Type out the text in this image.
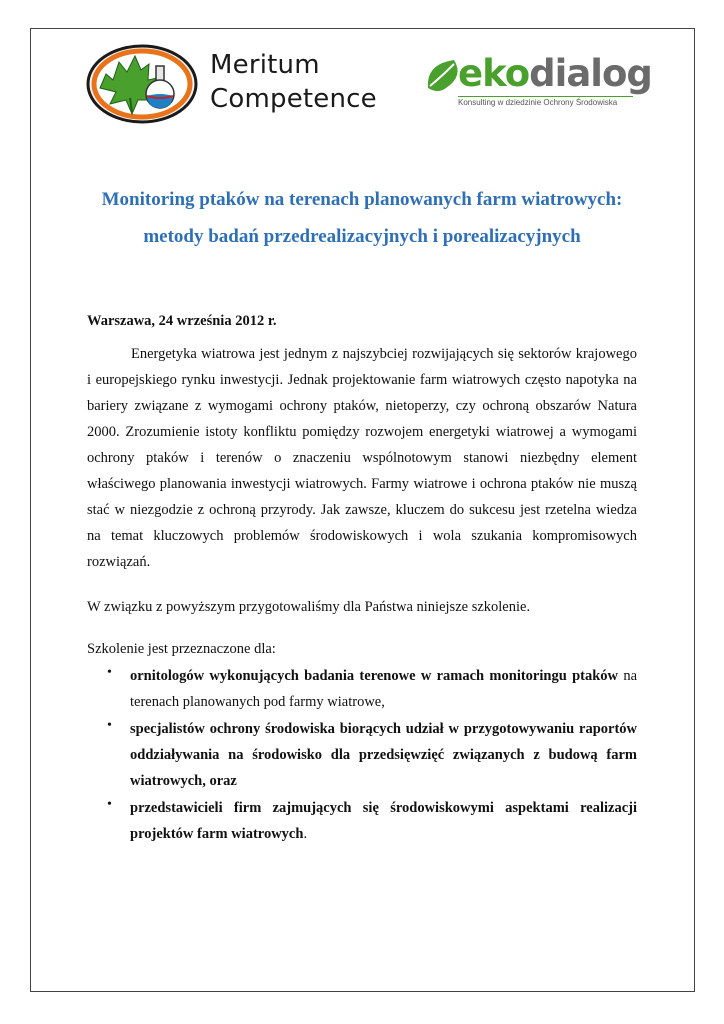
Meritum
Competence
ekodialog
Konsulting w dziedzinie Ochrony Środowiska
Monitoring ptaków na terenach planowanych farm wiatrowych:
metody badań przedrealizacyjnych i porealizacyjnych
Warszawa, 24 września 2012 r.
Energetyka wiatrowa jest jednym z najszybciej rozwijających się sektorów krajowego
i europejskiego rynku inwestycji. Jednak projektowanie farm wiatrowych często napotyka na
bariery związane z wymogami ochrony ptaków, nietoperzy, czy ochroną obszarów Natura
2000. Zrozumienie istoty konfliktu pomiędzy rozwojem energetyki wiatrowej a wymogami
ochrony ptaków i terenów o znaczeniu wspólnotowym stanowi niezbędny element
właściwego planowania inwestycji wiatrowych. Farmy wiatrowe i ochrona ptaków nie muszą
stać w niezgodzie z ochroną przyrody. Jak zawsze, kluczem do sukcesu jest rzetelna wiedza
na temat kluczowych problemów środowiskowych i wola szukania kompromisowych
rozwiązań.
W związku z powyższym przygotowaliśmy dla Państwa niniejsze szkolenie.
Szkolenie jest przeznaczone dla:
• ornitologów wykonujących badania terenowe w ramach monitoringu ptaków na
terenach planowanych pod farmy wiatrowe,
• specjalistów ochrony środowiska biorących udział w przygotowywaniu raportów
oddziaływania na środowisko dla przedsięwzięć związanych z budową farm
wiatrowych, oraz
• przedstawicieli firm zajmujących się środowiskowymi aspektami realizacji
projektów farm wiatrowych.
